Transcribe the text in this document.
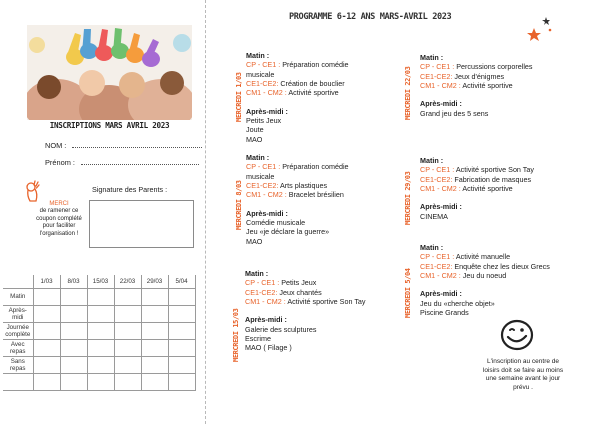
INSCRIPTIONS MARS AVRIL 2023
NOM :
Prénom :
MERCI
de ramener ce
coupon complété
pour faciliter
l'organisation !
Signature des Parents :
	1/03	8/03	15/03	22/03	29/03	5/04
Matin						

Après-
midi						

Journée
complète						

Avec
repas						

Sans
repas						

PROGRAMME 6-12 ANS MARS-AVRIL 2023
MERCREDI 1/03
Matin :
CP - CE1 : Préparation comédie
musicale
CE1-CE2: Création de bouclier
CM1 - CM2 : Activité sportive
Après-midi :
Petits Jeux
Joute
MAO
MERCREDI 8/03
Matin :
CP - CE1 : Préparation comédie
musicale
CE1-CE2: Arts plastiques
CM1 - CM2 : Bracelet brésilien
Après-midi :
Comédie musicale
Jeu «je déclare la guerre»
MAO
MERCREDI 15/03
Matin :
CP - CE1 : Petits Jeux
CE1-CE2: Jeux chantés
CM1 - CM2 : Activité sportive Son Tay
Après-midi :
Galerie des sculptures
Escrime
MAO ( Filage )
MERCREDI 22/03
Matin :
CP - CE1 : Percussions corporelles
CE1-CE2: Jeux d'énigmes
CM1 - CM2 : Activité sportive
Après-midi :
Grand jeu des 5 sens
MERCREDI 29/03
Matin :
CP - CE1 : Activité sportive Son Tay
CE1-CE2: Fabrication de masques
CM1 - CM2 : Activité sportive
Après-midi :
CINEMA
MERCREDI 5/04
Matin :
CP - CE1 : Activité manuelle
CE1-CE2: Enquête chez les dieux Grecs
CM1 - CM2 : Jeu du noeud
Après-midi :
Jeu du «cherche objet»
Piscine Grands
L'inscription au centre de
loisirs doit se faire au moins
une semaine avant le jour
prévu .
